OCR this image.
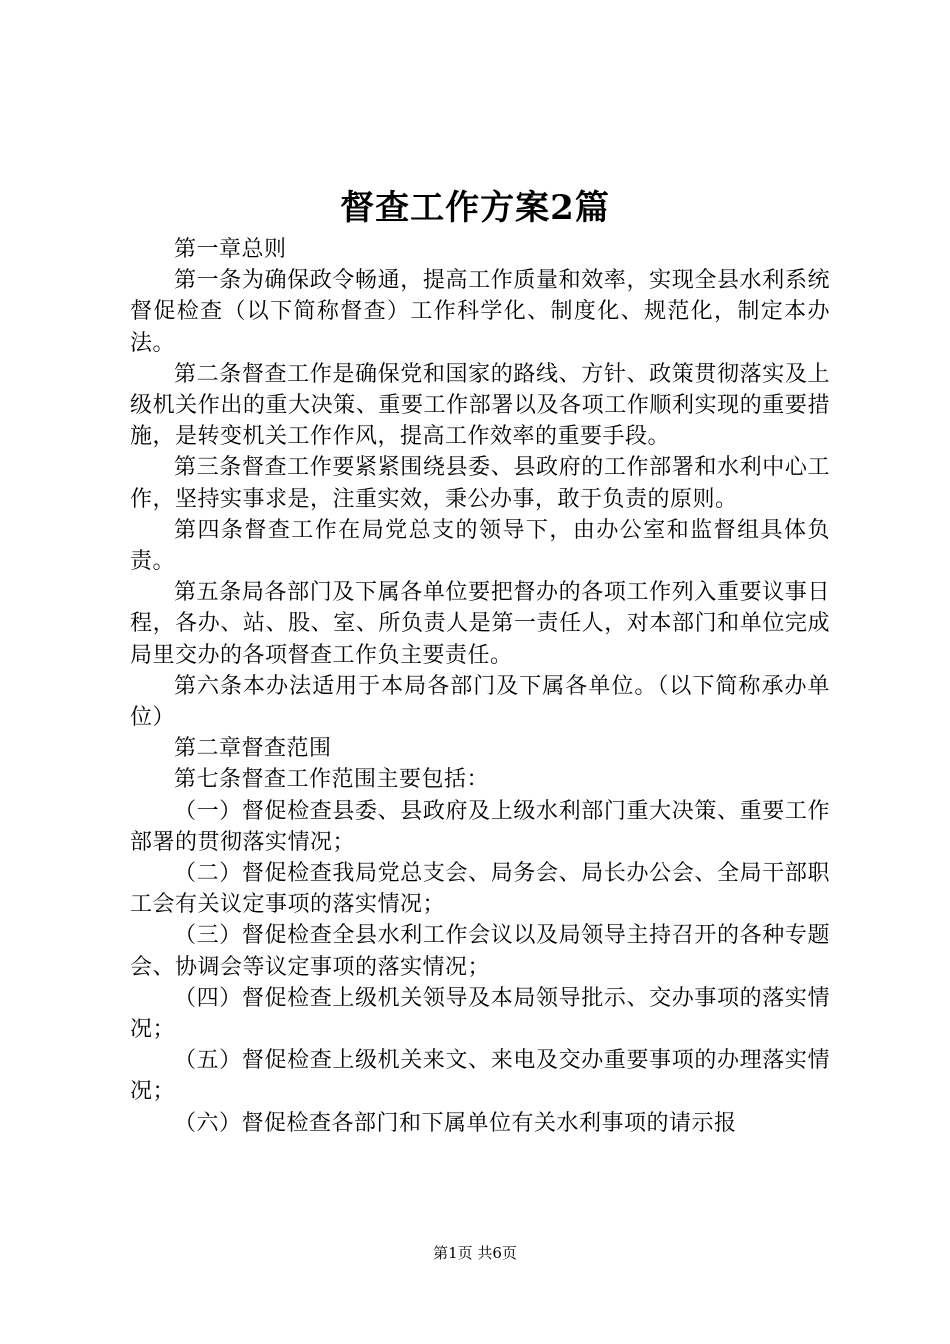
督查工作方案2篇

第一章总则

第一条为确保政令畅通，提高工作质量和效率，实现全县水利系统督促检查（以下简称督查）工作科学化、制度化、规范化，制定本办法。

第二条督查工作是确保党和国家的路线、方针、政策贯彻落实及上级机关作出的重大决策、重要工作部署以及各项工作顺利实现的重要措施，是转变机关工作作风，提高工作效率的重要手段。

第三条督查工作要紧紧围绕县委、县政府的工作部署和水利中心工作，坚持实事求是，注重实效，秉公办事，敢于负责的原则。

第四条督查工作在局党总支的领导下，由办公室和监督组具体负责。

第五条局各部门及下属各单位要把督办的各项工作列入重要议事日程，各办、站、股、室、所负责人是第一责任人，对本部门和单位完成局里交办的各项督查工作负主要责任。

第六条本办法适用于本局各部门及下属各单位。（以下简称承办单位）

第二章督查范围

第七条督查工作范围主要包括：

（一）督促检查县委、县政府及上级水利部门重大决策、重要工作部署的贯彻落实情况；

（二）督促检查我局党总支会、局务会、局长办公会、全局干部职工会有关议定事项的落实情况；

（三）督促检查全县水利工作会议以及局领导主持召开的各种专题会、协调会等议定事项的落实情况；

（四）督促检查上级机关领导及本局领导批示、交办事项的落实情况；

（五）督促检查上级机关来文、来电及交办重要事项的办理落实情况；

（六）督促检查各部门和下属单位有关水利事项的请示报

第1页 共6页
